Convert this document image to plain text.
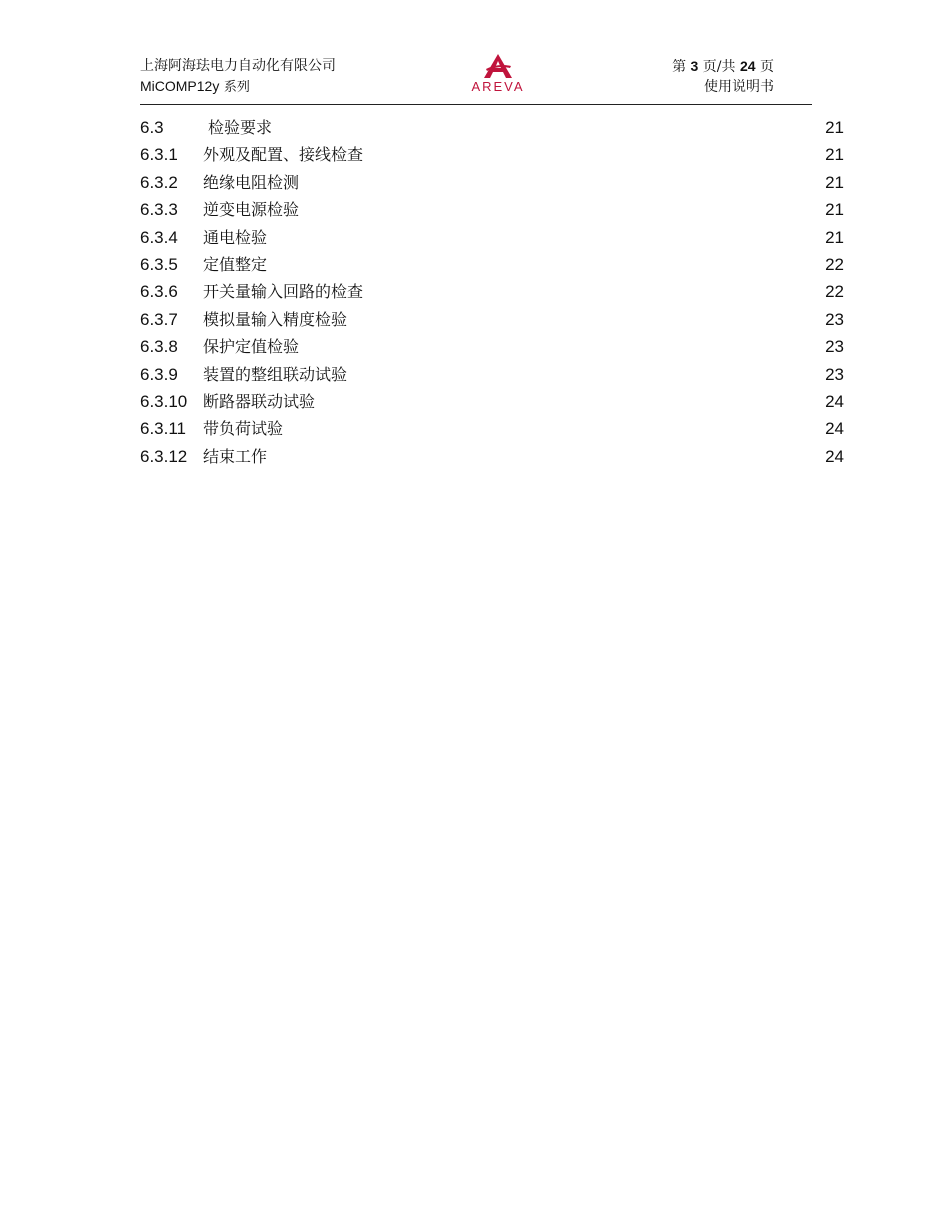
上海阿海珐电力自动化有限公司
MiCOMP12y 系列	AREVA
第 3 页/共 24 页
使用说明书
6.3	检验要求	21
6.3.1 外观及配置、接线检查	21
6.3.2 绝缘电阻检测	21
6.3.3 逆变电源检验	21
6.3.4 通电检验	21
6.3.5 定值整定	22
6.3.6 开关量输入回路的检查	22
6.3.7 模拟量输入精度检验	23
6.3.8 保护定值检验	23
6.3.9 装置的整组联动试验	23
6.3.10 断路器联动试验	24
6.3.11 带负荷试验	24
6.3.12 结束工作	24
